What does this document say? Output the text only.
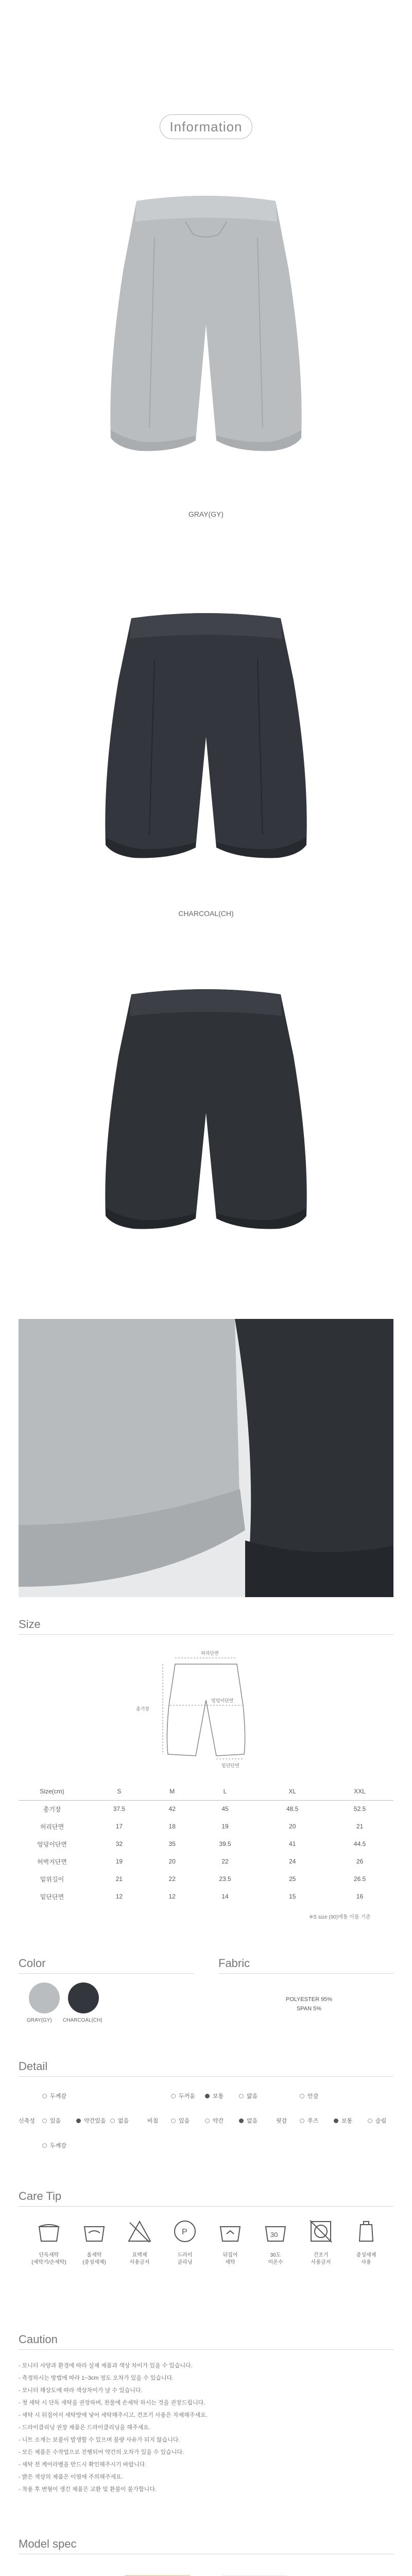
Information
GRAY(GY)
CHARCOAL(CH)
Size
허리단면
총기장
엉덩이단면
밑단단면
Size(cm)	S	M	L	XL	XXL
총기장	37.5	42	45	48.5	52.5
허리단면	17	18	19	20	21
엉덩이단면	32	35	39.5	41	44.5
허벅지단면	19	20	22	24	26
밑위길이	21	22	23.5	25	26.5
밑단단면	12	12	14	15	16
※S size (90)에통 이름 기준
Color
GRAY(GY) CHARCOAL(CH)
Fabric
POLYESTER 95%
SPAN 5%
Detail
두께감	두꺼움	보통	얇음	안감
신축성	있음	약간있음	없음	비침	있음	약간	없음	핏감	루즈	보통	슬림
두께감
Care Tip
단독세탁
(세탁기/손세탁)
울세탁
(중성세제)
표백제
사용금지
P
드라이
클리닝
뒤집어
세탁
30
30도
미온수
건조기
사용금지
중성세제
사용
Caution
- 모니터 사양과 환경에 따라 실제 제품과 색상 차이가 있을 수 있습니다.
- 측정하시는 방법에 따라 1~3cm 정도 오차가 있을 수 있습니다.
- 모니터 해상도에 따라 색상차이가 날 수 있습니다.
- 첫 세탁 시 단독 세탁을 권장하며, 찬물에 손세탁 하시는 것을 권장드립니다.
- 세탁 시 뒤집어서 세탁망에 넣어 세탁해주시고, 건조기 사용은 자제해주세요.
- 드라이클리닝 권장 제품은 드라이클리닝을 해주세요.
- 니트 소재는 보풀이 발생할 수 있으며 불량 사유가 되지 않습니다.
- 모든 제품은 수작업으로 진행되어 약간의 오차가 있을 수 있습니다.
- 세탁 전 케어라벨을 반드시 확인해주시기 바랍니다.
- 밝은 색상의 제품은 이염에 주의해주세요.
- 착용 후 변형이 생긴 제품은 교환 및 환불이 불가합니다.
Model spec
